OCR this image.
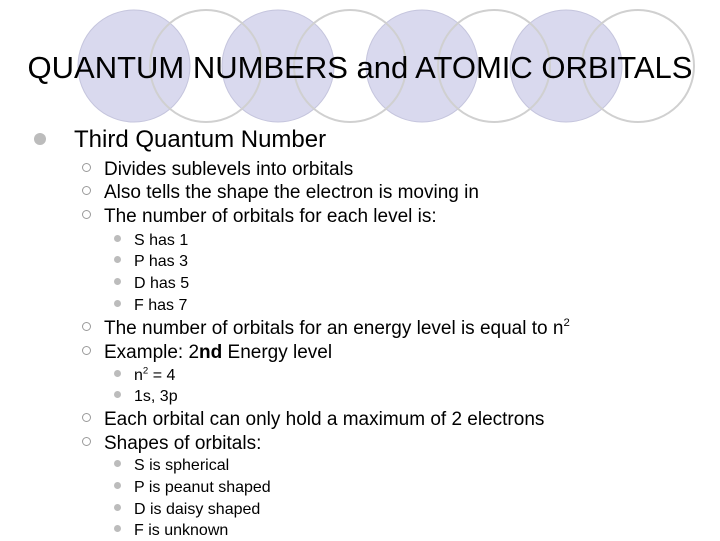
QUANTUM NUMBERS and ATOMIC ORBITALS
Third Quantum Number
Divides sublevels into orbitals
Also tells the shape the electron is moving in
The number of orbitals for each level is:
S has 1
P has 3
D has 5
F has 7
The number of orbitals for an energy level is equal to $n^2$
Example: 2nd Energy level
$n^2 = 4$
1s, 3p
Each orbital can only hold a maximum of 2 electrons
Shapes of orbitals:
S is spherical
P is peanut shaped
D is daisy shaped
F is unknown
